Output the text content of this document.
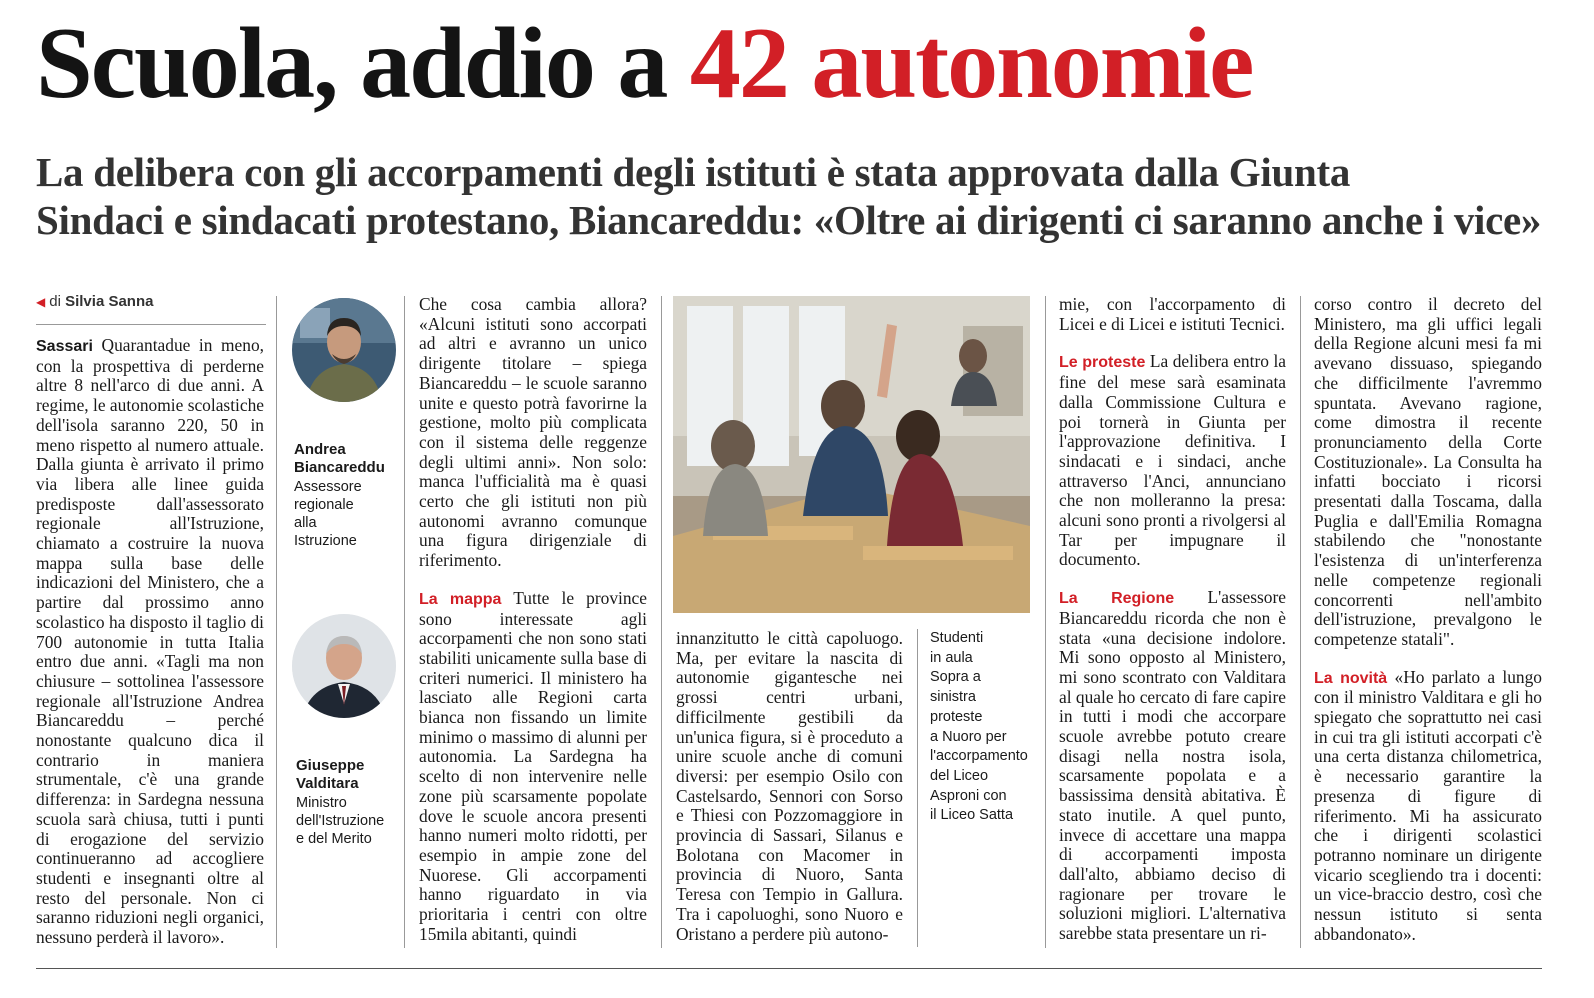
Scuola, addio a 42 autonomie
La delibera con gli accorpamenti degli istituti è stata approvata dalla Giunta
Sindaci e sindacati protestano, Biancareddu: «Oltre ai dirigenti ci saranno anche i vice»
◀ di Silvia Sanna

Sassari Quarantadue in meno, con la prospettiva di perderne altre 8 nell'arco di due anni. A regime, le autonomie scolastiche dell'isola saranno 220, 50 in meno rispetto al numero attuale. Dalla giunta è arrivato il primo via libera alle linee guida predisposte dall'assessorato regionale all'Istruzione, chiamato a costruire la nuova mappa sulla base delle indicazioni del Ministero, che a partire dal prossimo anno scolastico ha disposto il taglio di 700 autonomie in tutta Italia entro due anni. «Tagli ma non chiusure – sottolinea l'assessore regionale all'Istruzione Andrea Biancareddu – perché nonostante qualcuno dica il contrario in maniera strumentale, c'è una grande differenza: in Sardegna nessuna scuola sarà chiusa, tutti i punti di erogazione del servizio continueranno ad accogliere studenti e insegnanti oltre al resto del personale. Non ci saranno riduzioni negli organici, nessuno perderà il lavoro».

Andrea
Biancareddu
Assessore
regionale
alla
Istruzione
Giuseppe
Valditara
Ministro
dell'Istruzione
e del Merito

Che cosa cambia allora? «Alcuni istituti sono accorpati ad altri e avranno un unico dirigente titolare – spiega Biancareddu – le scuole saranno unite e questo potrà favorirne la gestione, molto più complicata con il sistema delle reggenze degli ultimi anni». Non solo: manca l'ufficialità ma è quasi certo che gli istituti non più autonomi avranno comunque una figura dirigenziale di riferimento.

La mappa Tutte le province sono interessate agli accorpamenti che non sono stati stabiliti unicamente sulla base di criteri numerici. Il ministero ha lasciato alle Regioni carta bianca non fissando un limite minimo o massimo di alunni per autonomia. La Sardegna ha scelto di non intervenire nelle zone più scarsamente popolate dove le scuole ancora presenti hanno numeri molto ridotti, per esempio in ampie zone del Nuorese. Gli accorpamenti hanno riguardato in via prioritaria i centri con oltre 15mila abitanti, quindi

innanzitutto le città capoluogo. Ma, per evitare la nascita di autonomie gigantesche nei grossi centri urbani, difficilmente gestibili da un'unica figura, si è proceduto a unire scuole anche di comuni diversi: per esempio Osilo con Castelsardo, Sennori con Sorso e Thiesi con Pozzomaggiore in provincia di Sassari, Silanus e Bolotana con Macomer in provincia di Nuoro, Santa Teresa con Tempio in Gallura. Tra i capoluoghi, sono Nuoro e Oristano a perdere più autono-

Studenti
in aula
Sopra a sinistra proteste
a Nuoro per
l'accorpamento del Liceo
Asproni con
il Liceo Satta

mie, con l'accorpamento di Licei e di Licei e istituti Tecnici.

Le proteste La delibera entro la fine del mese sarà esaminata dalla Commissione Cultura e poi tornerà in Giunta per l'approvazione definitiva. I sindacati e i sindaci, anche attraverso l'Anci, annunciano che non molleranno la presa: alcuni sono pronti a rivolgersi al Tar per impugnare il documento.

La Regione L'assessore Biancareddu ricorda che non è stata «una decisione indolore. Mi sono opposto al Ministero, mi sono scontrato con Valditara al quale ho cercato di fare capire in tutti i modi che accorpare scuole avrebbe potuto creare disagi nella nostra isola, scarsamente popolata e a bassissima densità abitativa. È stato inutile. A quel punto, invece di accettare una mappa di accorpamenti imposta dall'alto, abbiamo deciso di ragionare per trovare le soluzioni migliori. L'alternativa sarebbe stata presentare un ri-

corso contro il decreto del Ministero, ma gli uffici legali della Regione alcuni mesi fa mi avevano dissuaso, spiegando che difficilmente l'avremmo spuntata. Avevano ragione, come dimostra il recente pronunciamento della Corte Costituzionale». La Consulta ha infatti bocciato i ricorsi presentati dalla Toscama, dalla Puglia e dall'Emilia Romagna stabilendo che "nonostante l'esistenza di un'interferenza nelle competenze regionali concorrenti nell'ambito dell'istruzione, prevalgono le competenze statali".

La novità «Ho parlato a lungo con il ministro Valditara e gli ho spiegato che soprattutto nei casi in cui tra gli istituti accorpati c'è una certa distanza chilometrica, è necessario garantire la presenza di figure di riferimento. Mi ha assicurato che i dirigenti scolastici potranno nominare un dirigente vicario scegliendo tra i docenti: un vice-braccio destro, così che nessun istituto si senta abbandonato».
